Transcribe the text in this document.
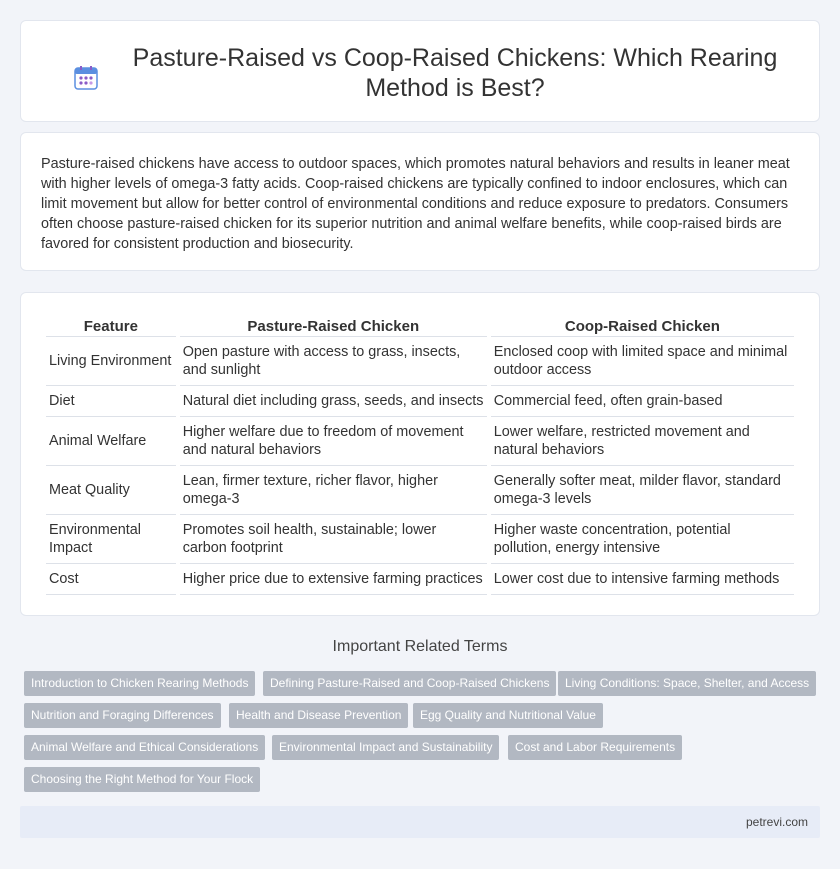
Pasture-Raised vs Coop-Raised Chickens: Which Rearing Method is Best?

Pasture-raised chickens have access to outdoor spaces, which promotes natural behaviors and results in leaner meat with higher levels of omega-3 fatty acids. Coop-raised chickens are typically confined to indoor enclosures, which can limit movement but allow for better control of environmental conditions and reduce exposure to predators. Consumers often choose pasture-raised chicken for its superior nutrition and animal welfare benefits, while coop-raised birds are favored for consistent production and biosecurity.

Feature	Pasture-Raised Chicken	Coop-Raised Chicken
Living Environment	Open pasture with access to grass, insects, and sunlight	Enclosed coop with limited space and minimal outdoor access
Diet	Natural diet including grass, seeds, and insects	Commercial feed, often grain-based
Animal Welfare	Higher welfare due to freedom of movement and natural behaviors	Lower welfare, restricted movement and natural behaviors
Meat Quality	Lean, firmer texture, richer flavor, higher omega-3	Generally softer meat, milder flavor, standard omega-3 levels
Environmental Impact	Promotes soil health, sustainable; lower carbon footprint	Higher waste concentration, potential pollution, energy intensive
Cost	Higher price due to extensive farming practices	Lower cost due to intensive farming methods
Important Related Terms
Introduction to Chicken Rearing Methods	Defining Pasture-Raised and Coop-Raised Chickens	Living Conditions: Space, Shelter, and Access
Nutrition and Foraging Differences	Health and Disease Prevention	Egg Quality and Nutritional Value
Animal Welfare and Ethical Considerations	Environmental Impact and Sustainability	Cost and Labor Requirements
Choosing the Right Method for Your Flock
petrevi.com
